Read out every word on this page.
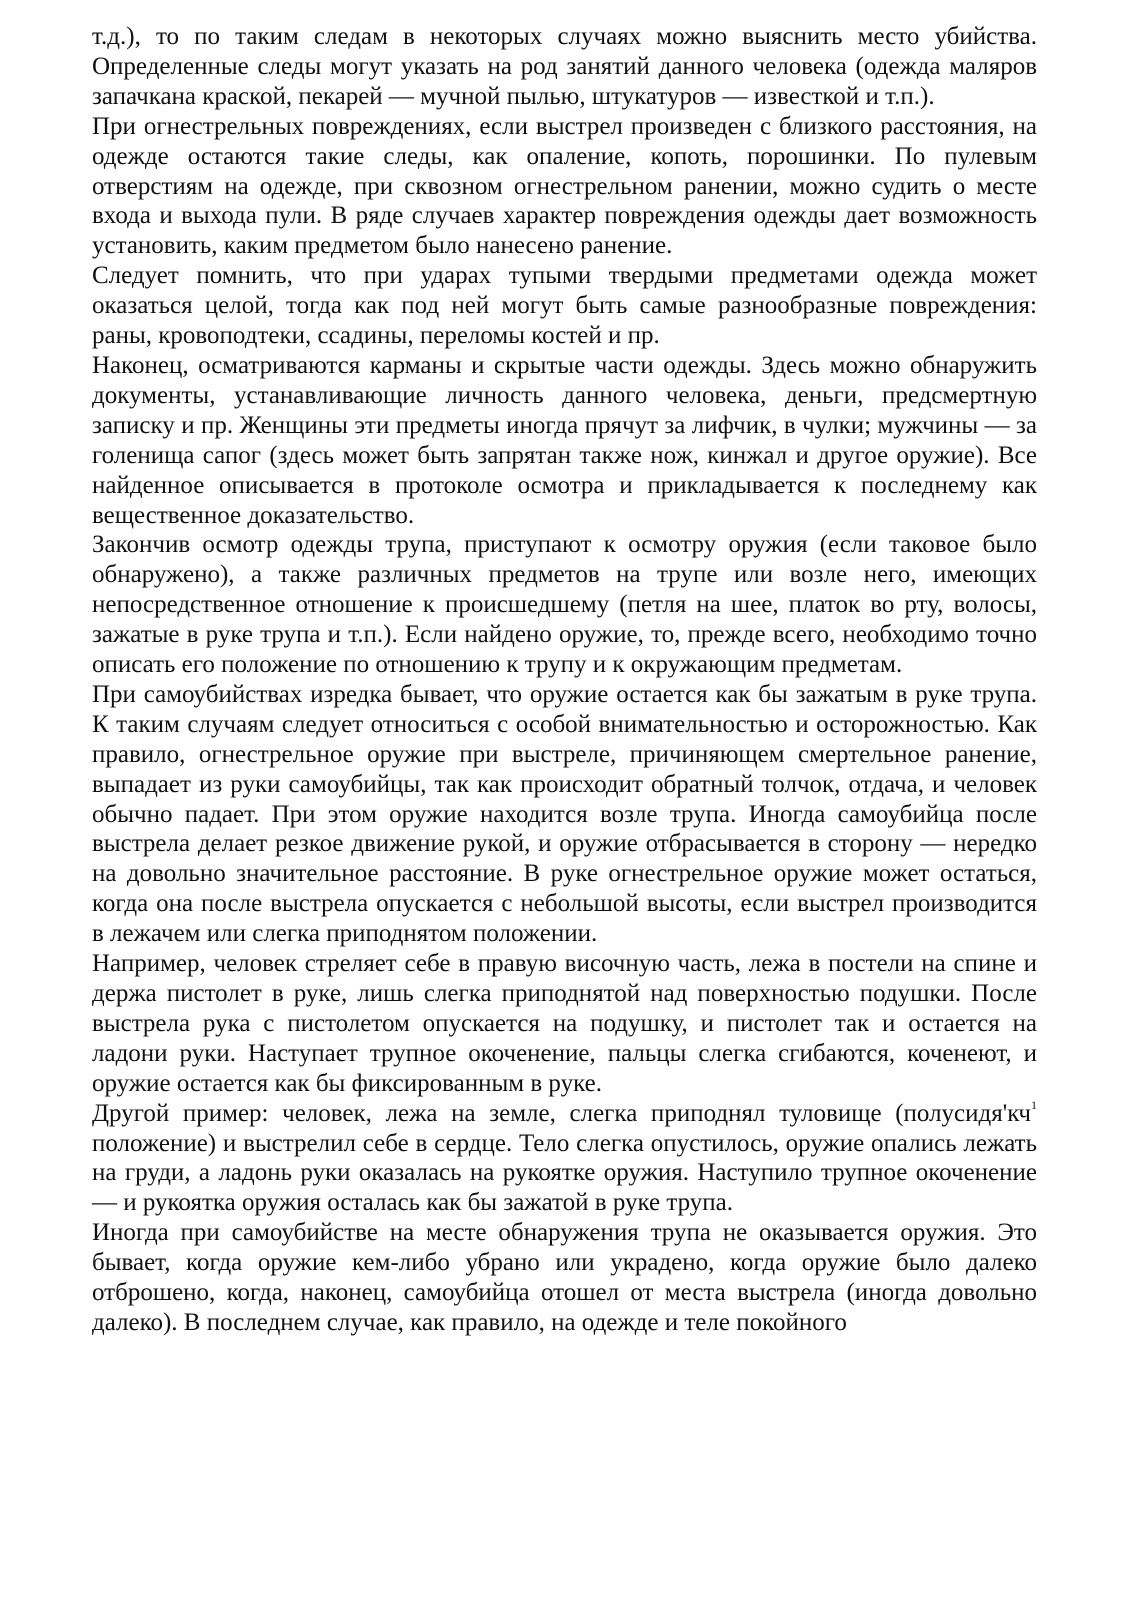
т.д.), то по таким следам в некоторых случаях можно выяснить место убийства. Определенные следы могут указать на род занятий данного человека (одежда маляров запачкана краской, пекарей — мучной пылью, штукатуров — известкой и т.п.).

При огнестрельных повреждениях, если выстрел произведен с близкого расстояния, на одежде остаются такие следы, как опаление, копоть, порошинки. По пулевым отверстиям на одежде, при сквозном огнестрельном ранении, можно судить о месте входа и выхода пули. В ряде случаев характер повреждения одежды дает возможность установить, каким предметом было нанесено ранение.

Следует помнить, что при ударах тупыми твердыми предметами одежда может оказаться целой, тогда как под ней могут быть самые разнообразные повреждения: раны, кровоподтеки, ссадины, переломы костей и пр.

Наконец, осматриваются карманы и скрытые части одежды. Здесь можно обнаружить документы, устанавливающие личность данного человека, деньги, предсмертную записку и пр. Женщины эти предметы иногда прячут за лифчик, в чулки; мужчины — за голенища сапог (здесь может быть запрятан также нож, кинжал и другое оружие). Все найденное описывается в протоколе осмотра и прикладывается к последнему как вещественное доказательство.

Закончив осмотр одежды трупа, приступают к осмотру оружия (если таковое было обнаружено), а также различных предметов на трупе или возле него, имеющих непосредственное отношение к происшедшему (петля на шее, платок во рту, волосы, зажатые в руке трупа и т.п.). Если найдено оружие, то, прежде всего, необходимо точно описать его положение по отношению к трупу и к окружающим предметам.

При самоубийствах изредка бывает, что оружие остается как бы зажатым в руке трупа. К таким случаям следует относиться с особой внимательностью и осторожностью. Как правило, огнестрельное оружие при выстреле, причиняющем смертельное ранение, выпадает из руки самоубийцы, так как происходит обратный толчок, отдача, и человек обычно падает. При этом оружие находится возле трупа. Иногда самоубийца после выстрела делает резкое движение рукой, и оружие отбрасывается в сторону — нередко на довольно значительное расстояние. В руке огнестрельное оружие может остаться, когда она после выстрела опускается с небольшой высоты, если выстрел производится в лежачем или слегка приподнятом положении.

Например, человек стреляет себе в правую височную часть, лежа в постели на спине и держа пистолет в руке, лишь слегка приподнятой над поверхностью подушки. После выстрела рука с пистолетом опускается на подушку, и пистолет так и остается на ладони руки. Наступает трупное окоченение, пальцы слегка сгибаются, коченеют, и оружие остается как бы фиксированным в руке.

Другой пример: человек, лежа на земле, слегка приподнял туловище ($полусидя'кч^1$ положение) и выстрелил себе в сердце. Тело слегка опустилось, оружие опались лежать на груди, а ладонь руки оказалась на рукоятке оружия. Наступило трупное окоченение — и рукоятка оружия осталась как бы зажатой в руке трупа.

Иногда при самоубийстве на месте обнаружения трупа не оказывается оружия. Это бывает, когда оружие кем-либо убрано или украдено, когда оружие было далеко отброшено, когда, наконец, самоубийца отошел от места выстрела (иногда довольно далеко). В последнем случае, как правило, на одежде и теле покойного
